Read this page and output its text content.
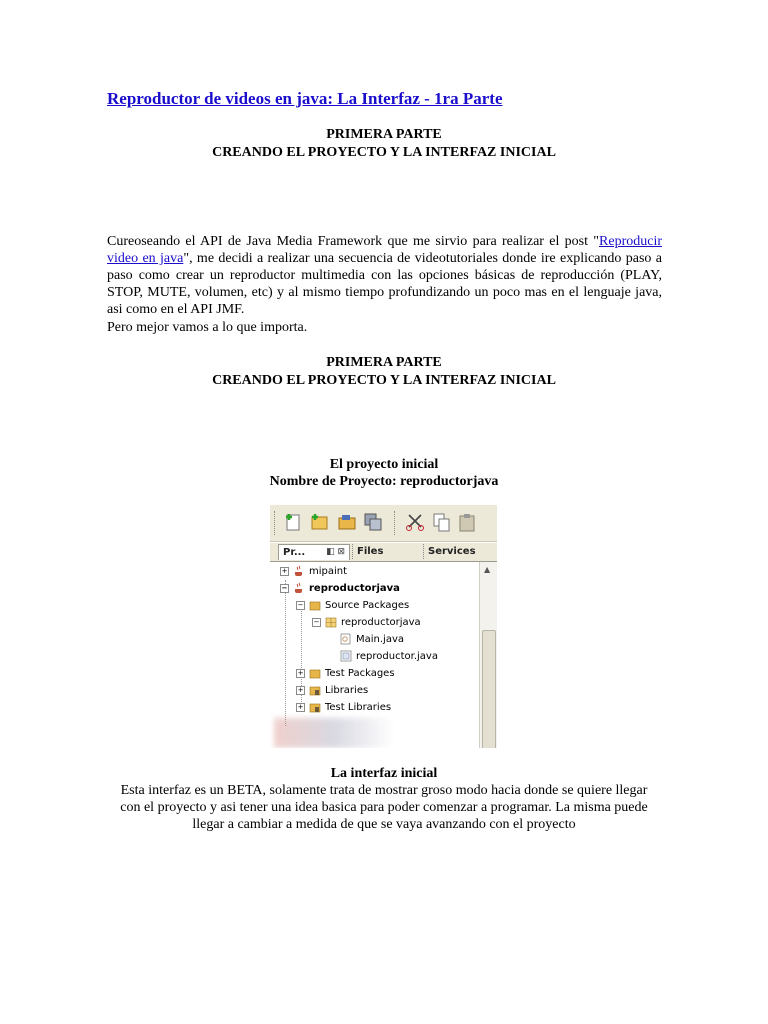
Reproductor de videos en java: La Interfaz - 1ra Parte
PRIMERA PARTE
CREANDO EL PROYECTO Y LA INTERFAZ INICIAL
Cureoseando el API de Java Media Framework que me sirvio para realizar el post "Reproducir video en java", me decidi a realizar una secuencia de videotutoriales donde ire explicando paso a paso como crear un reproductor multimedia con las opciones básicas de reproducción (PLAY, STOP, MUTE, volumen, etc) y al mismo tiempo profundizando un poco mas en el lenguaje java, asi como en el API JMF.
Pero mejor vamos a lo que importa.
PRIMERA PARTE
CREANDO EL PROYECTO Y LA INTERFAZ INICIAL
El proyecto inicial
Nombre de Proyecto: reproductorjava
Pr... ◧ ⊠	Files	Services
+ mipaint
− reproductorjava
− Source Packages
− reproductorjava
Main.java
reproductor.java
+ Test Packages
+ Libraries
+ Test Libraries
▲
La interfaz inicial
Esta interfaz es un BETA, solamente trata de mostrar groso modo hacia donde se quiere llegar con el proyecto y asi tener una idea basica para poder comenzar a programar. La misma puede llegar a cambiar a medida de que se vaya avanzando con el proyecto
